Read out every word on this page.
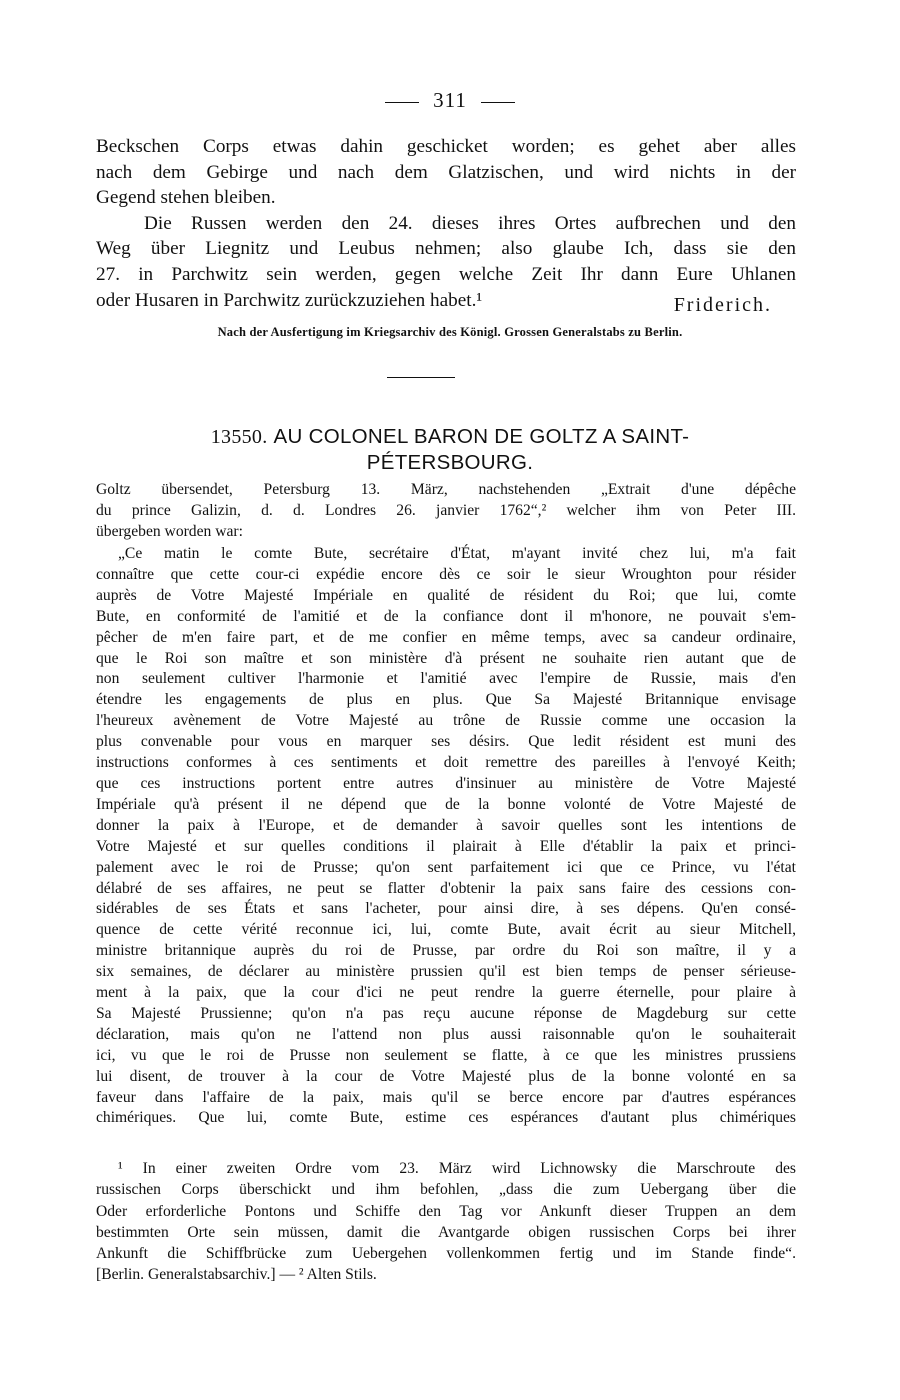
311
Beckschen Corps etwas dahin geschicket worden; es gehet aber alles
nach dem Gebirge und nach dem Glatzischen, und wird nichts in der
Gegend stehen bleiben.
Die Russen werden den 24. dieses ihres Ortes aufbrechen und den
Weg über Liegnitz und Leubus nehmen; also glaube Ich, dass sie den
27. in Parchwitz sein werden, gegen welche Zeit Ihr dann Eure Uhlanen
oder Husaren in Parchwitz zurückzuziehen habet.¹	Friderich.
Nach der Ausfertigung im Kriegsarchiv des Königl. Grossen Generalstabs zu Berlin.
13550. AU COLONEL BARON DE GOLTZ A SAINT-
PÉTERSBOURG.
Goltz übersendet, Petersburg 13. März, nachstehenden „Extrait d'une dépêche
du prince Galizin, d. d. Londres 26. janvier 1762“,² welcher ihm von Peter III.
übergeben worden war:
„Ce matin le comte Bute, secrétaire d'État, m'ayant invité chez lui, m'a fait
connaître que cette cour-ci expédie encore dès ce soir le sieur Wroughton pour résider
auprès de Votre Majesté Impériale en qualité de résident du Roi; que lui, comte
Bute, en conformité de l'amitié et de la confiance dont il m'honore, ne pouvait s'em-
pêcher de m'en faire part, et de me confier en même temps, avec sa candeur ordinaire,
que le Roi son maître et son ministère d'à présent ne souhaite rien autant que de
non seulement cultiver l'harmonie et l'amitié avec l'empire de Russie, mais d'en
étendre les engagements de plus en plus. Que Sa Majesté Britannique envisage
l'heureux avènement de Votre Majesté au trône de Russie comme une occasion la
plus convenable pour vous en marquer ses désirs. Que ledit résident est muni des
instructions conformes à ces sentiments et doit remettre des pareilles à l'envoyé Keith;
que ces instructions portent entre autres d'insinuer au ministère de Votre Majesté
Impériale qu'à présent il ne dépend que de la bonne volonté de Votre Majesté de
donner la paix à l'Europe, et de demander à savoir quelles sont les intentions de
Votre Majesté et sur quelles conditions il plairait à Elle d'établir la paix et princi-
palement avec le roi de Prusse; qu'on sent parfaitement ici que ce Prince, vu l'état
délabré de ses affaires, ne peut se flatter d'obtenir la paix sans faire des cessions con-
sidérables de ses États et sans l'acheter, pour ainsi dire, à ses dépens. Qu'en consé-
quence de cette vérité reconnue ici, lui, comte Bute, avait écrit au sieur Mitchell,
ministre britannique auprès du roi de Prusse, par ordre du Roi son maître, il y a
six semaines, de déclarer au ministère prussien qu'il est bien temps de penser sérieuse-
ment à la paix, que la cour d'ici ne peut rendre la guerre éternelle, pour plaire à
Sa Majesté Prussienne; qu'on n'a pas reçu aucune réponse de Magdeburg sur cette
déclaration, mais qu'on ne l'attend non plus aussi raisonnable qu'on le souhaiterait
ici, vu que le roi de Prusse non seulement se flatte, à ce que les ministres prussiens
lui disent, de trouver à la cour de Votre Majesté plus de la bonne volonté en sa
faveur dans l'affaire de la paix, mais qu'il se berce encore par d'autres espérances
chimériques. Que lui, comte Bute, estime ces espérances d'autant plus chimériques
¹ In einer zweiten Ordre vom 23. März wird Lichnowsky die Marschroute des
russischen Corps überschickt und ihm befohlen, „dass die zum Uebergang über die
Oder erforderliche Pontons und Schiffe den Tag vor Ankunft dieser Truppen an dem
bestimmten Orte sein müssen, damit die Avantgarde obigen russischen Corps bei ihrer
Ankunft die Schiffbrücke zum Uebergehen vollenkommen fertig und im Stande finde“.
[Berlin. Generalstabsarchiv.] — ² Alten Stils.
